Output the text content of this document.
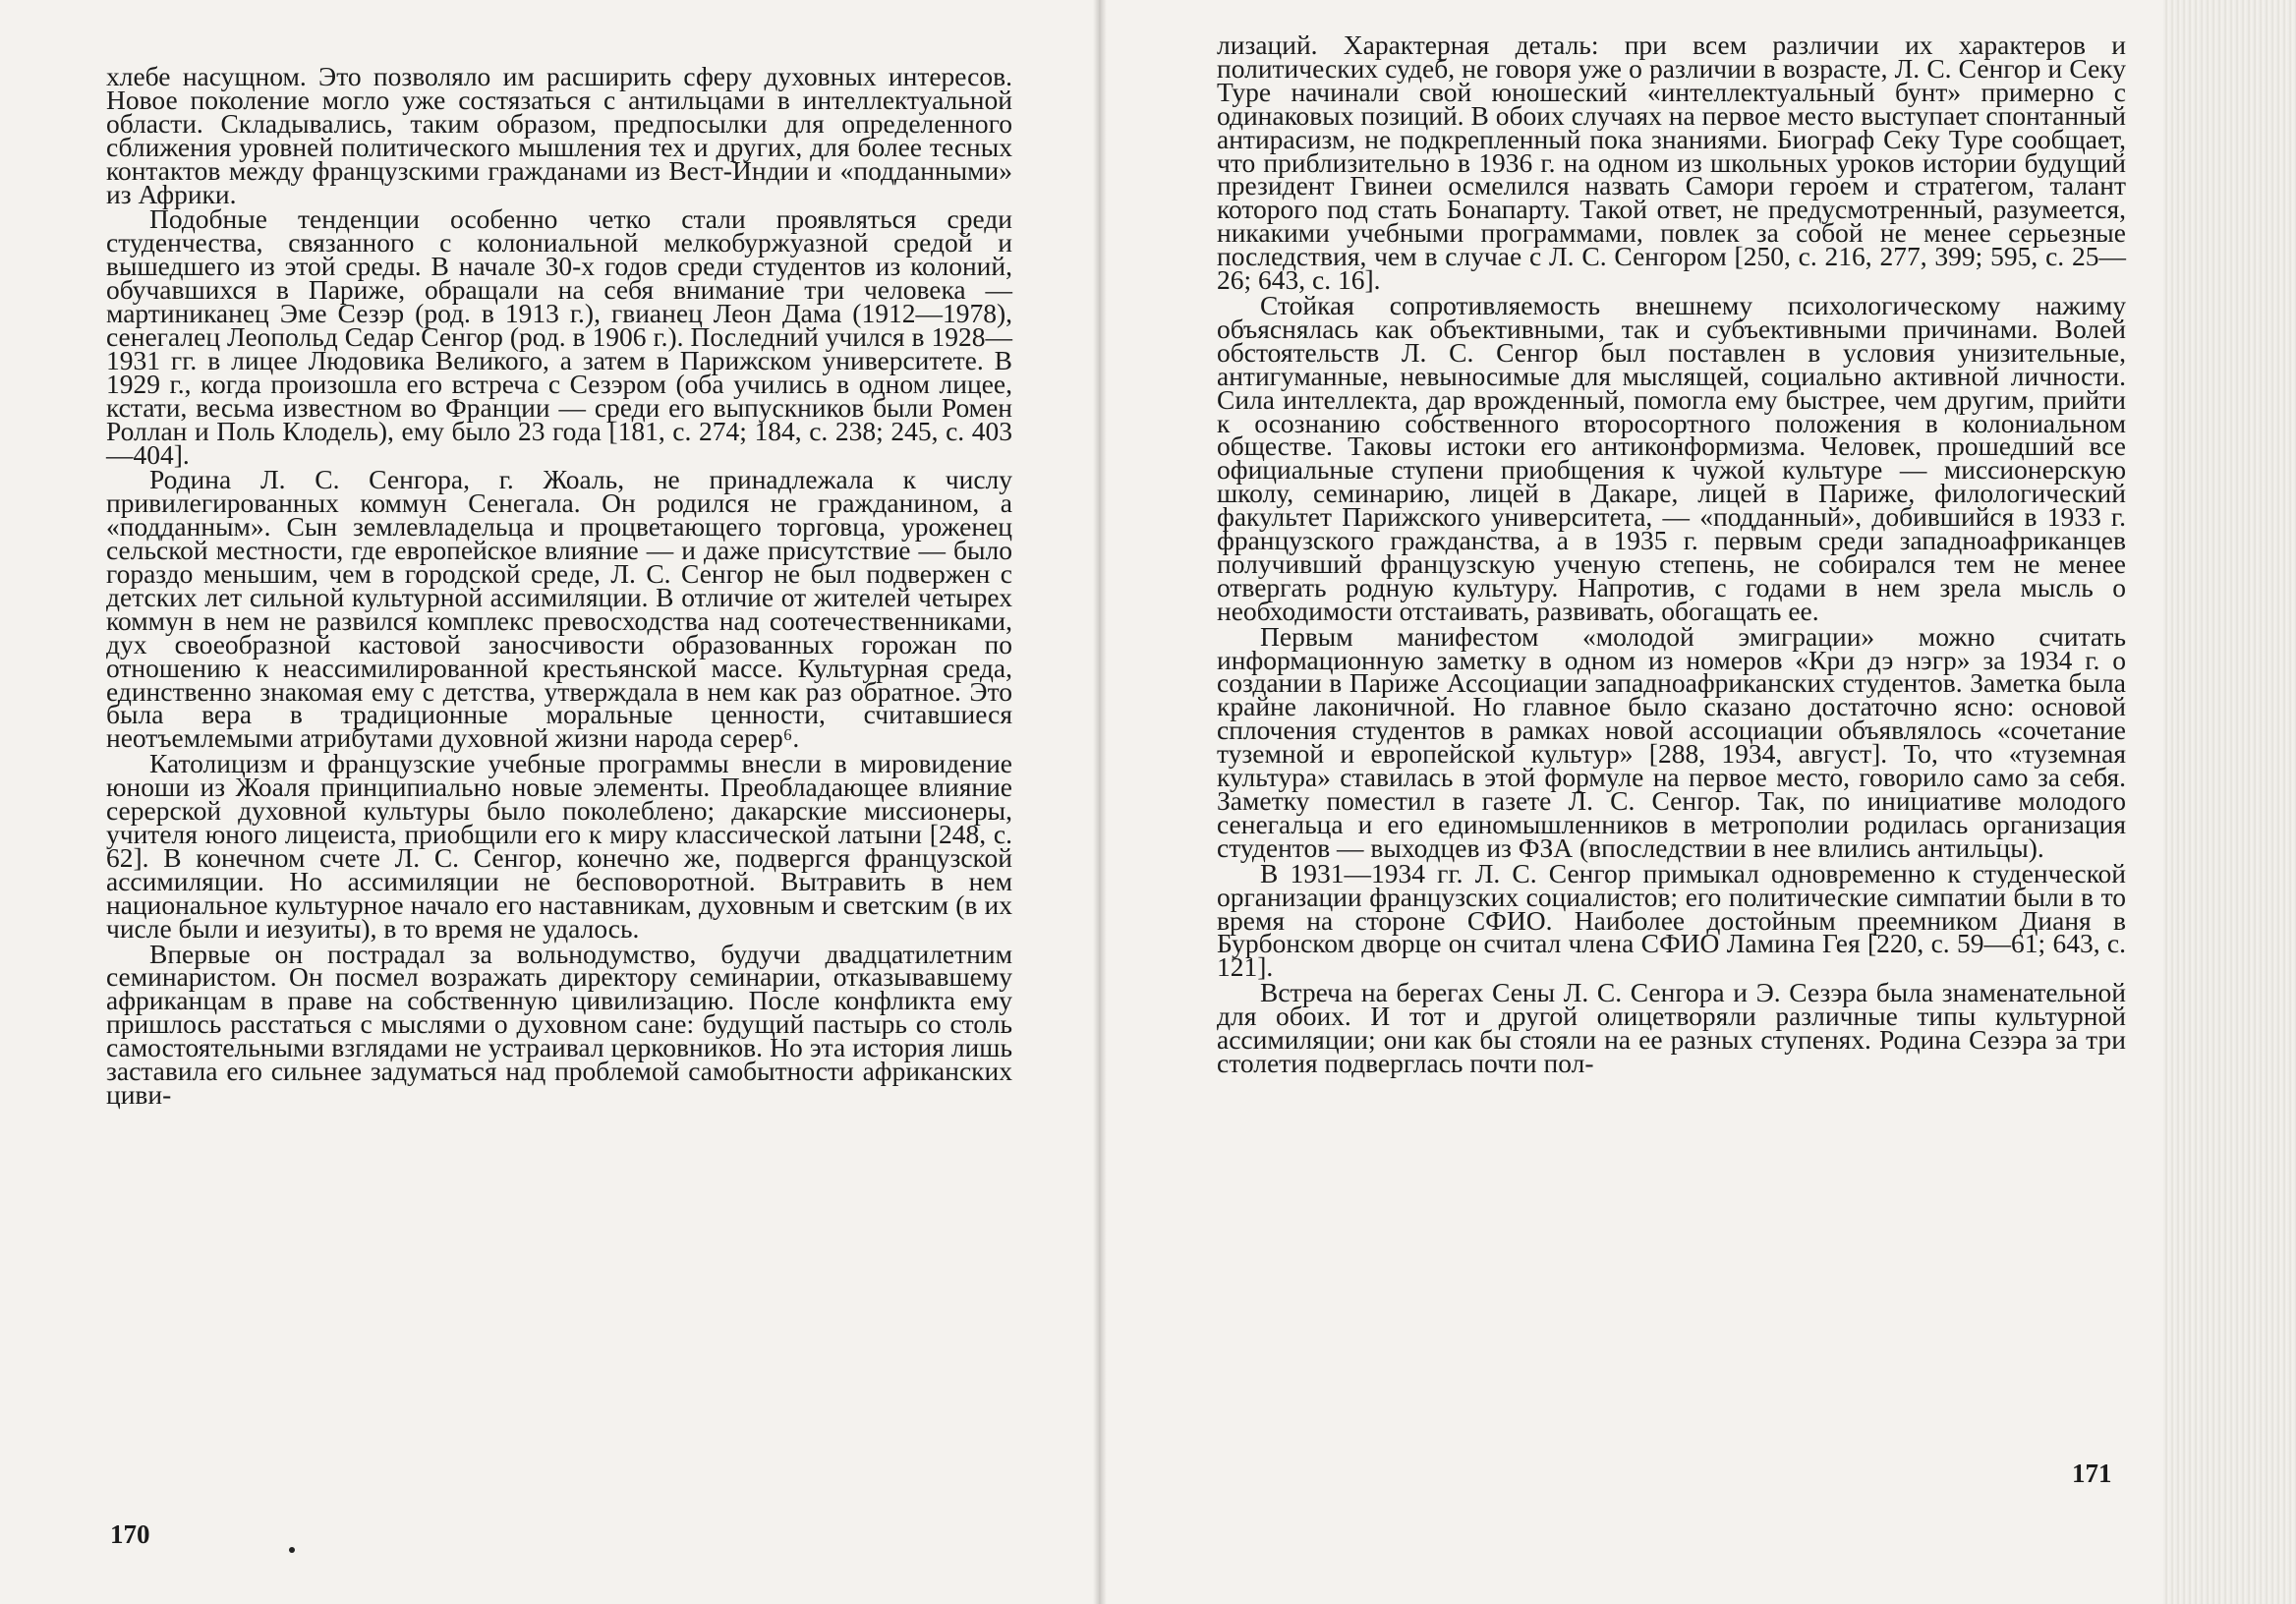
хлебе насущном. Это позволяло им расширить сферу духовных интересов. Новое поколение могло уже состязаться с антильцами в интеллектуальной области. Складывались, таким образом, предпосылки для определенного сближения уровней политического мышления тех и других, для более тесных контактов между французскими гражданами из Вест-Индии и «подданными» из Африки.

Подобные тенденции особенно четко стали проявляться среди студенчества, связанного с колониальной мелкобуржуазной средой и вышедшего из этой среды. В начале 30-х годов среди студентов из колоний, обучавшихся в Париже, обращали на себя внимание три человека — мартиниканец Эме Сезэр (род. в 1913 г.), гвианец Леон Дама (1912—1978), сенегалец Леопольд Седар Сенгор (род. в 1906 г.). Последний учился в 1928—1931 гг. в лицее Людовика Великого, а затем в Парижском университете. В 1929 г., когда произошла его встреча с Сезэром (оба учились в одном лицее, кстати, весьма известном во Франции — среди его выпускников были Ромен Роллан и Поль Клодель), ему было 23 года [181, с. 274; 184, с. 238; 245, с. 403—404].

Родина Л. С. Сенгора, г. Жоаль, не принадлежала к числу привилегированных коммун Сенегала. Он родился не гражданином, а «подданным». Сын землевладельца и процветающего торговца, уроженец сельской местности, где европейское влияние — и даже присутствие — было гораздо меньшим, чем в городской среде, Л. С. Сенгор не был подвержен с детских лет сильной культурной ассимиляции. В отличие от жителей четырех коммун в нем не развился комплекс превосходства над соотечественниками, дух своеобразной кастовой заносчивости образованных горожан по отношению к неассимилированной крестьянской массе. Культурная среда, единственно знакомая ему с детства, утверждала в нем как раз обратное. Это была вера в традиционные моральные ценности, считавшиеся неотъемлемыми атрибутами духовной жизни народа серер⁶.

Католицизм и французские учебные программы внесли в мировидение юноши из Жоаля принципиально новые элементы. Преобладающее влияние серерской духовной культуры было поколеблено; дакарские миссионеры, учителя юного лицеиста, приобщили его к миру классической латыни [248, с. 62]. В конечном счете Л. С. Сенгор, конечно же, подвергся французской ассимиляции. Но ассимиляции не бесповоротной. Вытравить в нем национальное культурное начало его наставникам, духовным и светским (в их числе были и иезуиты), в то время не удалось.

Впервые он пострадал за вольнодумство, будучи двадцатилетним семинаристом. Он посмел возражать директору семинарии, отказывавшему африканцам в праве на собственную цивилизацию. После конфликта ему пришлось расстаться с мыслями о духовном сане: будущий пастырь со столь самостоятельными взглядами не устраивал церковников. Но эта история лишь заставила его сильнее задуматься над проблемой самобытности африканских циви-

170

лизаций. Характерная деталь: при всем различии их характеров и политических судеб, не говоря уже о различии в возрасте, Л. С. Сенгор и Секу Туре начинали свой юношеский «интеллектуальный бунт» примерно с одинаковых позиций. В обоих случаях на первое место выступает спонтанный антирасизм, не подкрепленный пока знаниями. Биограф Секу Туре сообщает, что приблизительно в 1936 г. на одном из школьных уроков истории будущий президент Гвинеи осмелился назвать Самори героем и стратегом, талант которого под стать Бонапарту. Такой ответ, не предусмотренный, разумеется, никакими учебными программами, повлек за собой не менее серьезные последствия, чем в случае с Л. С. Сенгором [250, с. 216, 277, 399; 595, с. 25—26; 643, с. 16].

Стойкая сопротивляемость внешнему психологическому нажиму объяснялась как объективными, так и субъективными причинами. Волей обстоятельств Л. С. Сенгор был поставлен в условия унизительные, антигуманные, невыносимые для мыслящей, социально активной личности. Сила интеллекта, дар врожденный, помогла ему быстрее, чем другим, прийти к осознанию собственного второсортного положения в колониальном обществе. Таковы истоки его антиконформизма. Человек, прошедший все официальные ступени приобщения к чужой культуре — миссионерскую школу, семинарию, лицей в Дакаре, лицей в Париже, филологический факультет Парижского университета, — «подданный», добившийся в 1933 г. французского гражданства, а в 1935 г. первым среди западноафриканцев получивший французскую ученую степень, не собирался тем не менее отвергать родную культуру. Напротив, с годами в нем зрела мысль о необходимости отстаивать, развивать, обогащать ее.

Первым манифестом «молодой эмиграции» можно считать информационную заметку в одном из номеров «Кри дэ нэгр» за 1934 г. о создании в Париже Ассоциации западноафриканских студентов. Заметка была крайне лаконичной. Но главное было сказано достаточно ясно: основой сплочения студентов в рамках новой ассоциации объявлялось «сочетание туземной и европейской культур» [288, 1934, август]. То, что «туземная культура» ставилась в этой формуле на первое место, говорило само за себя. Заметку поместил в газете Л. С. Сенгор. Так, по инициативе молодого сенегальца и его единомышленников в метрополии родилась организация студентов — выходцев из ФЗА (впоследствии в нее влились антильцы).

В 1931—1934 гг. Л. С. Сенгор примыкал одновременно к студенческой организации французских социалистов; его политические симпатии были в то время на стороне СФИО. Наиболее достойным преемником Дианя в Бурбонском дворце он считал члена СФИО Ламина Гея [220, с. 59—61; 643, с. 121].

Встреча на берегах Сены Л. С. Сенгора и Э. Сезэра была знаменательной для обоих. И тот и другой олицетворяли различные типы культурной ассимиляции; они как бы стояли на ее разных ступенях. Родина Сезэра за три столетия подверглась почти пол-

171
